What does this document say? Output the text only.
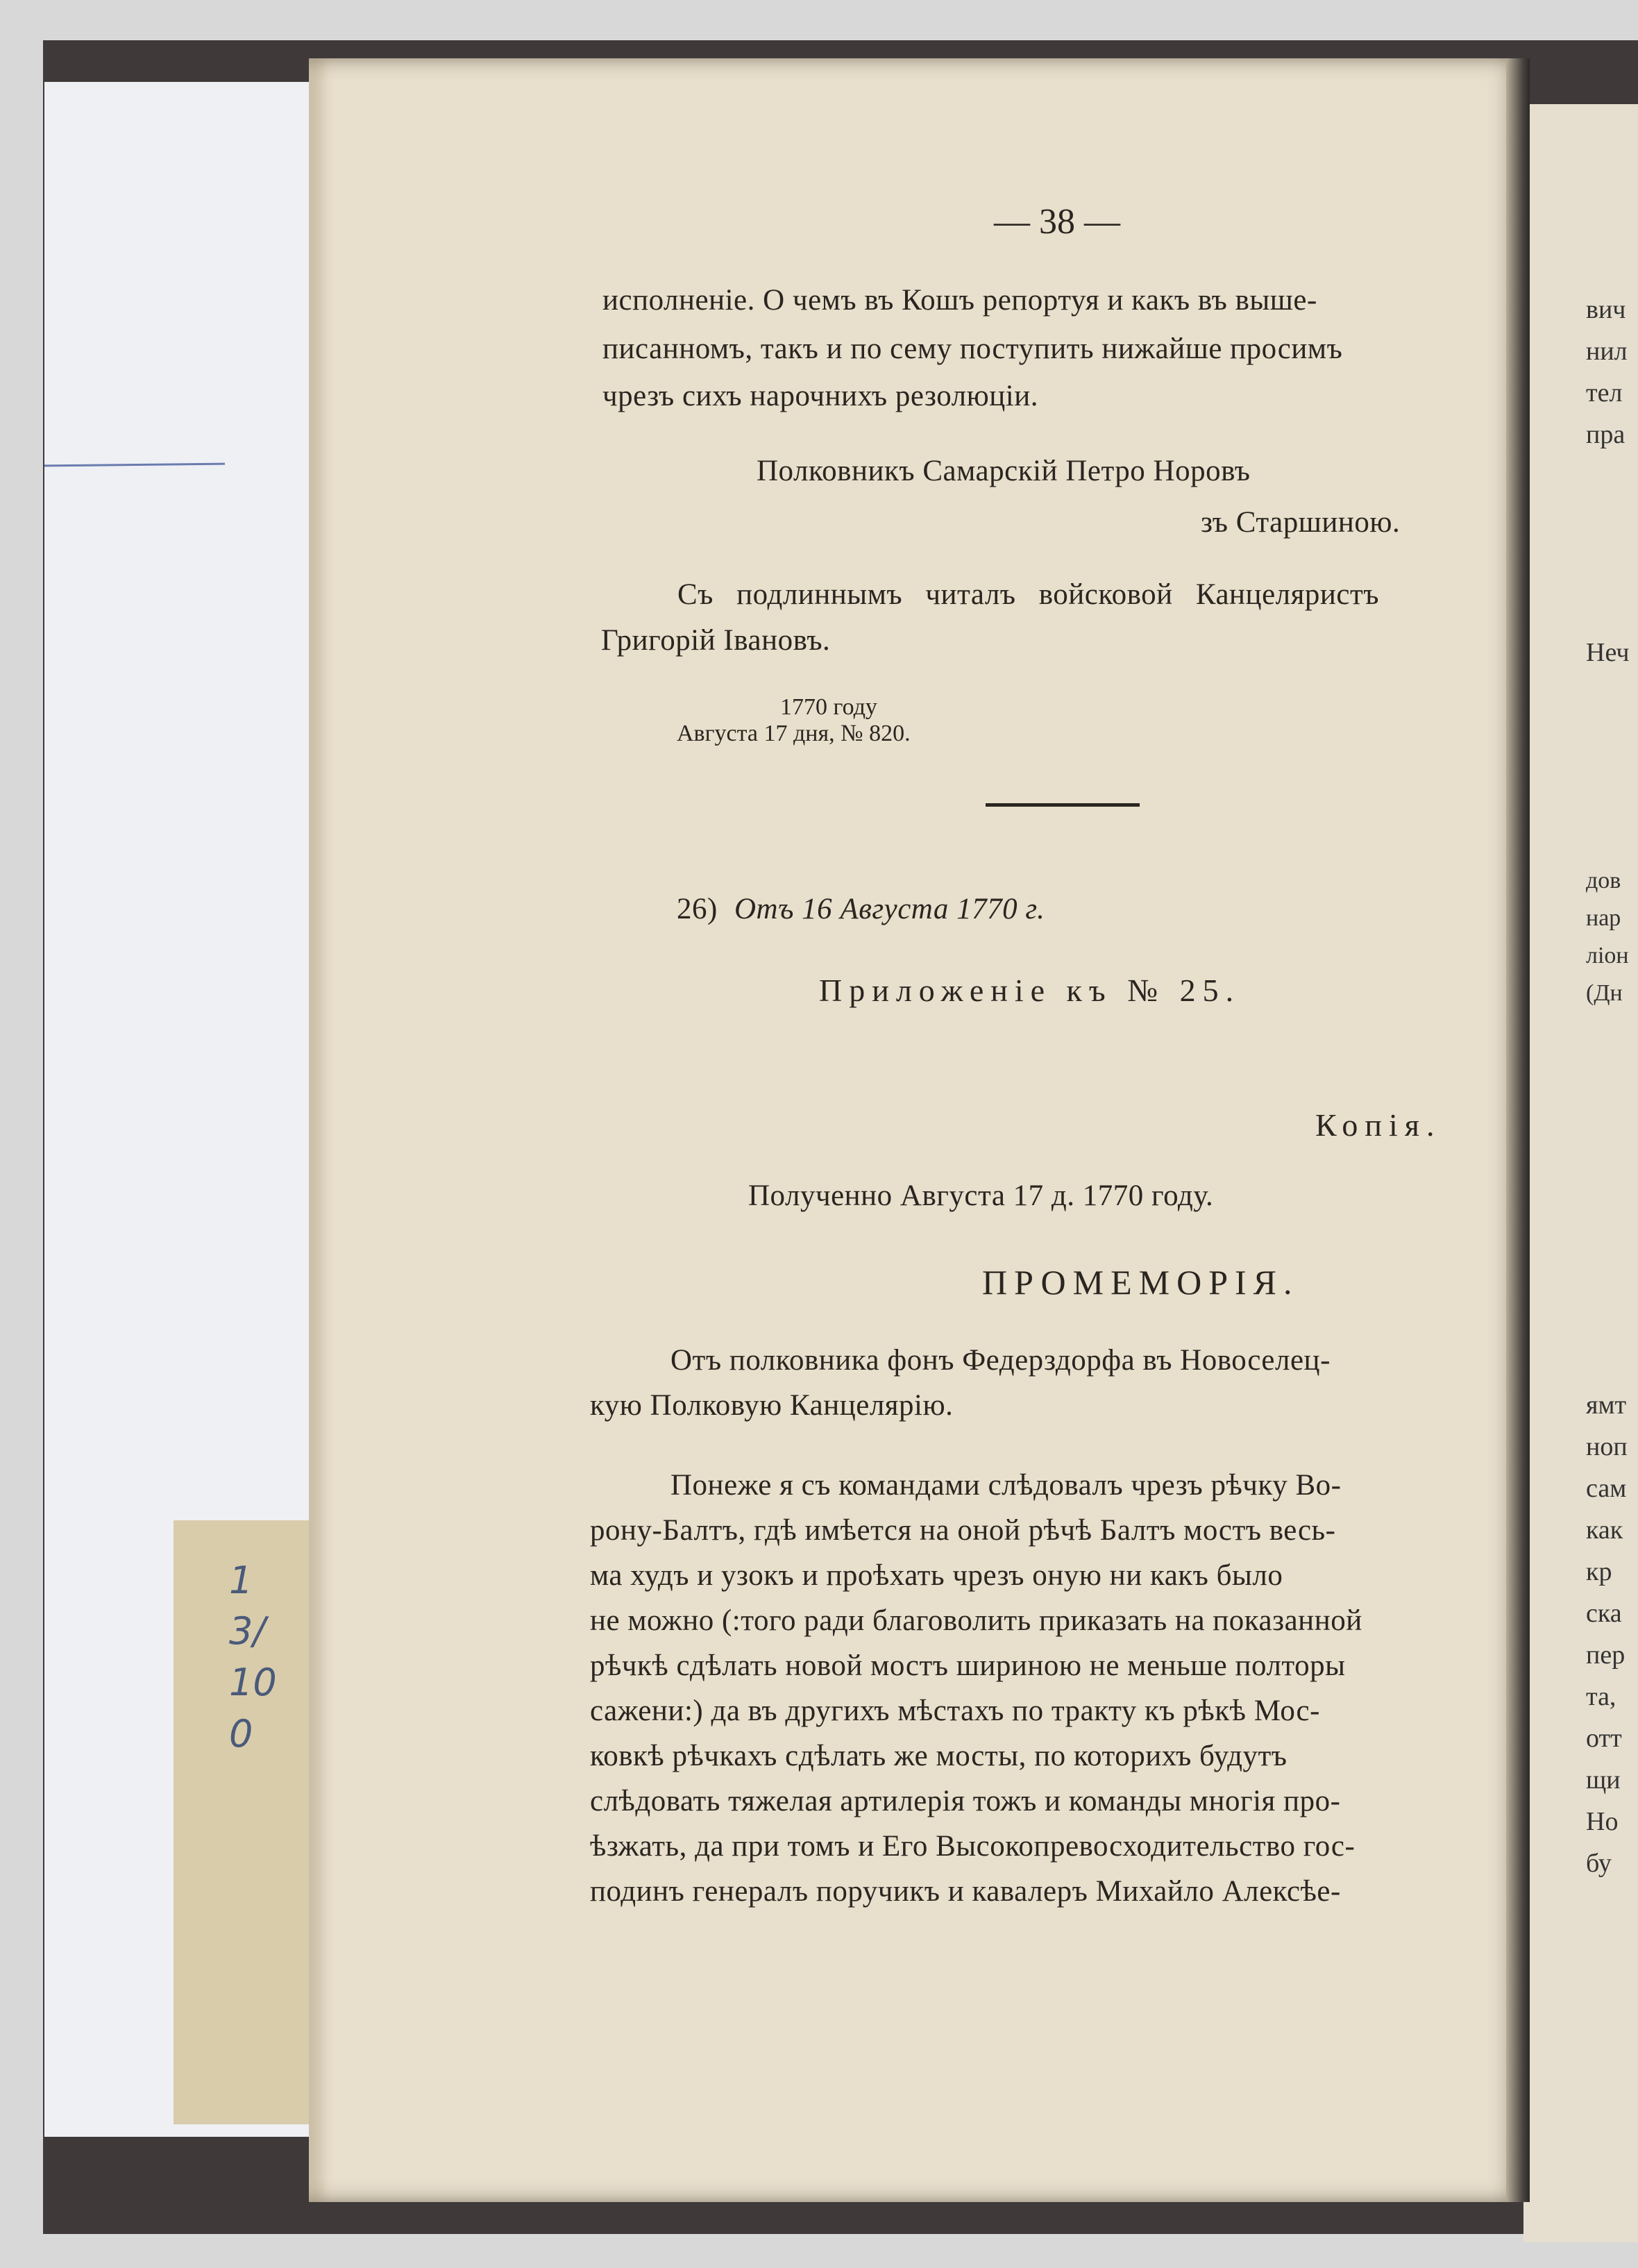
1
3/
10
0
вич
нил
тел
пра
Неч
дов
нар
ліон
(Дн
ямт
ноп
сам
как
кр
ска
пер
та,
отт
щи
Но
бу
— 38 —
исполненіе. О чемъ въ Кошъ репортуя и какъ въ выше-
писанномъ, такъ и по сему поступить нижайше просимъ
чрезъ сихъ нарочнихъ резолюціи.
Полковникъ Самарскій Петро Норовъ
зъ Старшиною.
Съ подлиннымъ читалъ войсковой Канцеляристъ
Григорій Івановъ.
1770 году
Августа 17 дня, № 820.
26) Отъ 16 Августа 1770 г.
Приложеніе къ № 25.
Копія.
Полученно Августа 17 д. 1770 году.
ПРОМЕМОРІЯ.
Отъ полковника фонъ Федерздорфа въ Новоселец-
кую Полковую Канцелярію.
Понеже я съ командами слѣдовалъ чрезъ рѣчку Во-
рону-Балтъ, гдѣ имѣется на оной рѣчѣ Балтъ мостъ весь-
ма худъ и узокъ и проѣхать чрезъ оную ни какъ было
не можно (:того ради благоволить приказать на показанной
рѣчкѣ сдѣлать новой мостъ шириною не меньше полторы
сажени:) да въ другихъ мѣстахъ по тракту къ рѣкѣ Мос-
ковкѣ рѣчкахъ сдѣлать же мосты, по которихъ будутъ
слѣдовать тяжелая артилерія тожъ и команды многія про-
ѣзжать, да при томъ и Его Высокопревосходительство гос-
подинъ генералъ поручикъ и кавалеръ Михайло Алексѣе-
